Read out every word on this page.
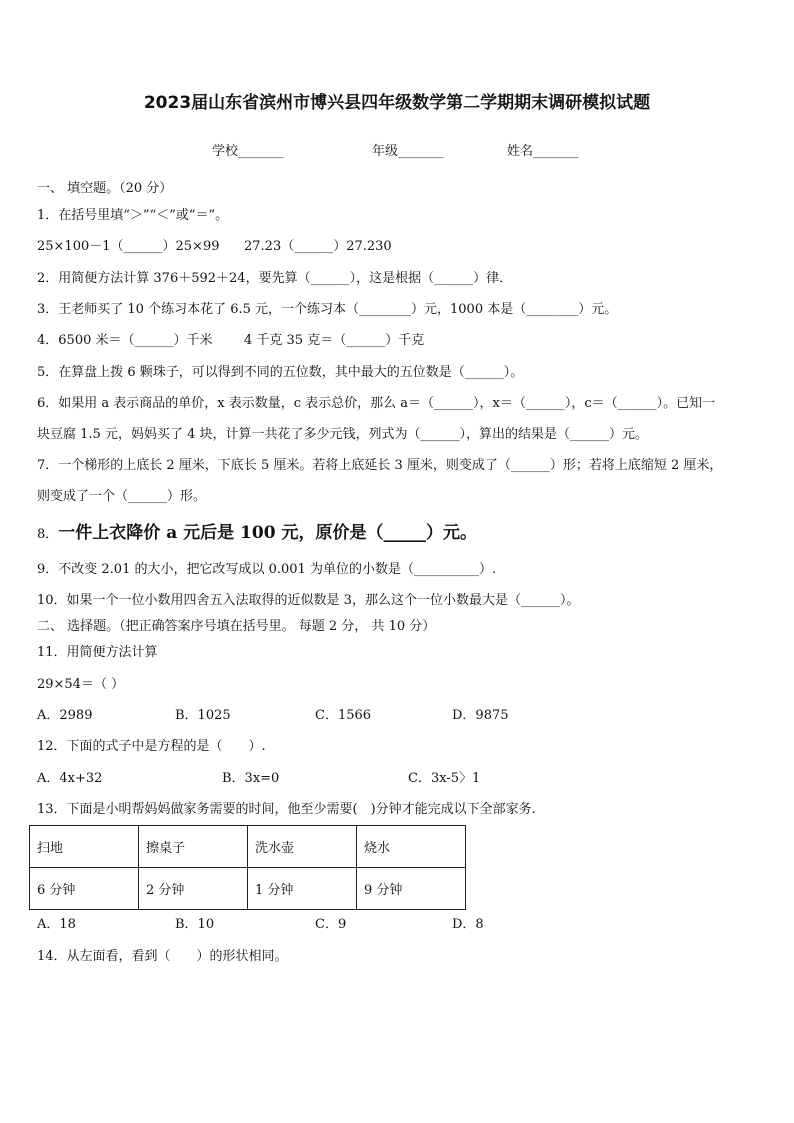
2023届山东省滨州市博兴县四年级数学第二学期期末调研模拟试题
学校_______	年级_______	姓名_______
一、 填空题。（20 分）
1．在括号里填“＞”“＜”或“＝”。
25×100－1（______）25×99 27.23（______）27.230
2．用简便方法计算 376＋592＋24，要先算（______），这是根据（______）律．
3．王老师买了 10 个练习本花了 6.5 元，一个练习本（________）元，1000 本是（________）元。
4．6500 米＝（______）千米 4 千克 35 克＝（______）千克
5．在算盘上拨 6 颗珠子，可以得到不同的五位数，其中最大的五位数是（______）。
6．如果用 a 表示商品的单价，x 表示数量，c 表示总价，那么 a＝（______），x＝（______），c＝（______）。已知一
块豆腐 1.5 元，妈妈买了 4 块，计算一共花了多少元钱，列式为（______），算出的结果是（______）元。
7．一个梯形的上底长 2 厘米，下底长 5 厘米。若将上底延长 3 厘米，则变成了（______）形；若将上底缩短 2 厘米，
则变成了一个（______）形。
8．一件上衣降价 a 元后是 100 元，原价是（_____）元。
9．不改变 2.01 的大小，把它改写成以 0.001 为单位的小数是（__________）.
10．如果一个一位小数用四舍五入法取得的近似数是 3，那么这个一位小数最大是（______）。
二、 选择题。（把正确答案序号填在括号里。 每题 2 分， 共 10 分）
11．用简便方法计算
29×54＝（ ）
A．2989	B．1025	C．1566	D．9875
12．下面的式子中是方程的是（　　）.
A．4x+32	B．3x=0	C．3x-5〉1
13．下面是小明帮妈妈做家务需要的时间，他至少需要(　)分钟才能完成以下全部家务.
扫地	擦桌子	洗水壶	烧水
6 分钟	2 分钟	1 分钟	9 分钟
A．18	B．10	C．9	D．8
14．从左面看，看到（　　）的形状相同。
